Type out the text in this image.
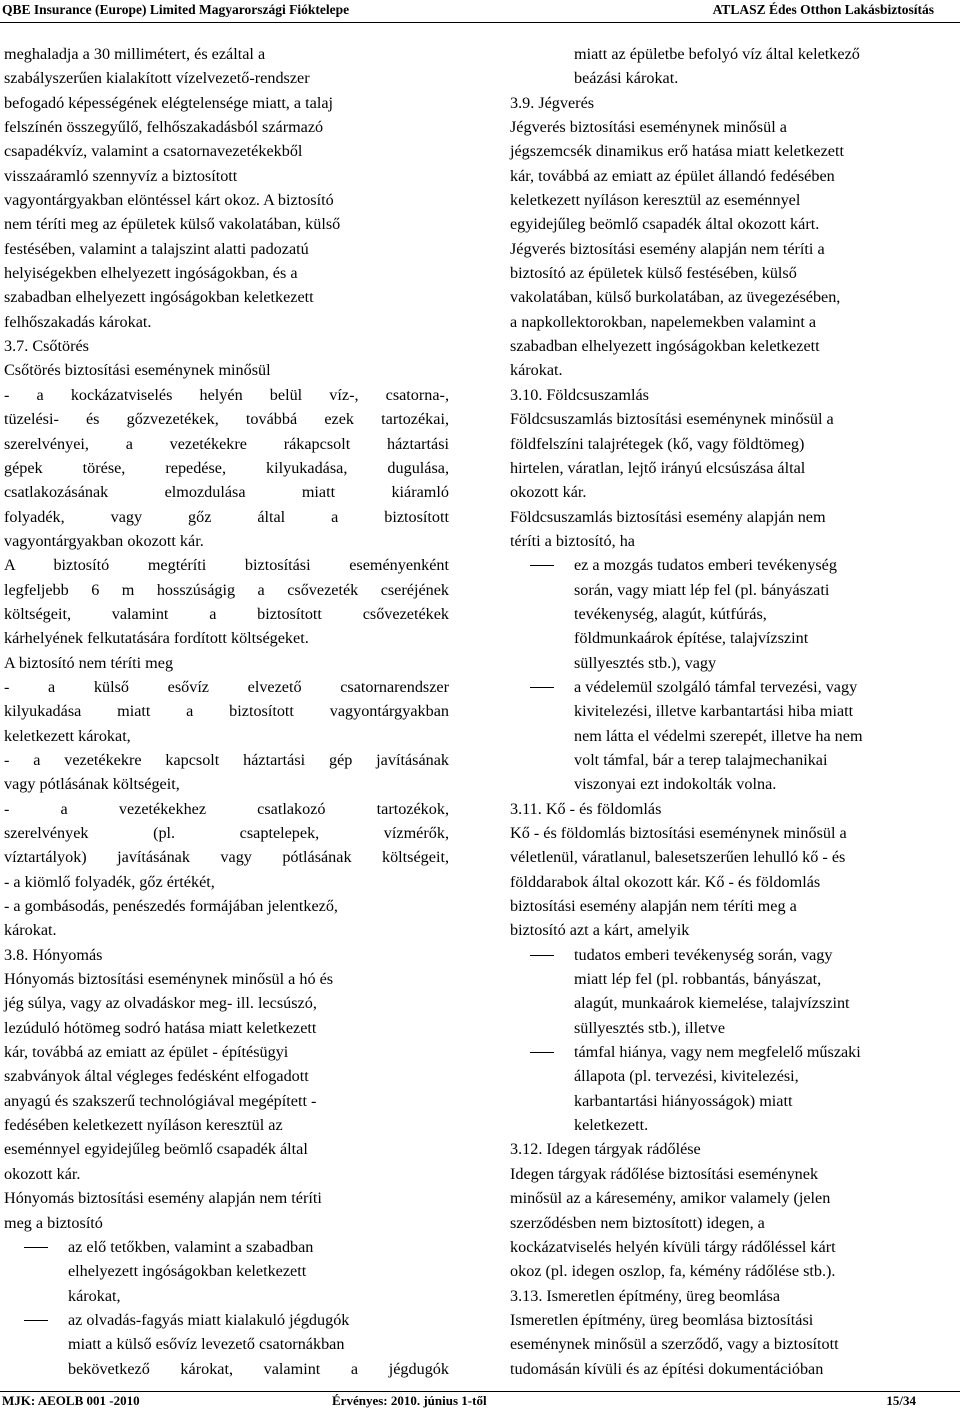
QBE Insurance (Europe) Limited Magyarországi Fióktelepe	ATLASZ Édes Otthon Lakásbiztosítás
meghaladja a 30 millimétert, és ezáltal a
szabályszerűen kialakított vízelvezető-rendszer
befogadó képességének elégtelensége miatt, a talaj
felszínén összegyűlő, felhőszakadásból származó
csapadékvíz, valamint a csatornavezetékekből
visszaáramló szennyvíz a biztosított
vagyontárgyakban elöntéssel kárt okoz. A biztosító
nem téríti meg az épületek külső vakolatában, külső
festésében, valamint a talajszint alatti padozatú
helyiségekben elhelyezett ingóságokban, és a
szabadban elhelyezett ingóságokban keletkezett
felhőszakadás károkat.
3.7. Csőtörés
Csőtörés biztosítási eseménynek minősül
- a kockázatviselés helyén belül víz-, csatorna-,
tüzelési- és gőzvezetékek, továbbá ezek tartozékai,
szerelvényei, a vezetékekre rákapcsolt háztartási
gépek törése, repedése, kilyukadása, dugulása,
csatlakozásának elmozdulása miatt kiáramló
folyadék, vagy gőz által a biztosított
vagyontárgyakban okozott kár.
A biztosító megtéríti biztosítási eseményenként
legfeljebb 6 m hosszúságig a csővezeték cseréjének
költségeit, valamint a biztosított csővezetékek
kárhelyének felkutatására fordított költségeket.
A biztosító nem téríti meg
- a külső esővíz elvezető csatornarendszer
kilyukadása miatt a biztosított vagyontárgyakban
keletkezett károkat,
- a vezetékekre kapcsolt háztartási gép javításának
vagy pótlásának költségeit,
- a vezetékekhez csatlakozó tartozékok,
szerelvények (pl. csaptelepek, vízmérők,
víztartályok) javításának vagy pótlásának költségeit,
- a kiömlő folyadék, gőz értékét,
- a gombásodás, penészedés formájában jelentkező,
károkat.
3.8. Hónyomás
Hónyomás biztosítási eseménynek minősül a hó és
jég súlya, vagy az olvadáskor meg- ill. lecsúszó,
lezúduló hótömeg sodró hatása miatt keletkezett
kár, továbbá az emiatt az épület - építésügyi
szabványok által végleges fedésként elfogadott
anyagú és szakszerű technológiával megépített -
fedésében keletkezett nyíláson keresztül az
eseménnyel egyidejűleg beömlő csapadék által
okozott kár.
Hónyomás biztosítási esemény alapján nem téríti
meg a biztosító
az elő tetőkben, valamint a szabadban
elhelyezett ingóságokban keletkezett
károkat,
az olvadás-fagyás miatt kialakuló jégdugók
miatt a külső esővíz levezető csatornákban
bekövetkező károkat, valamint a jégdugók
miatt az épületbe befolyó víz által keletkező
beázási károkat.
3.9. Jégverés
Jégverés biztosítási eseménynek minősül a
jégszemcsék dinamikus erő hatása miatt keletkezett
kár, továbbá az emiatt az épület állandó fedésében
keletkezett nyíláson keresztül az eseménnyel
egyidejűleg beömlő csapadék által okozott kárt.
Jégverés biztosítási esemény alapján nem téríti a
biztosító az épületek külső festésében, külső
vakolatában, külső burkolatában, az üvegezésében,
a napkollektorokban, napelemekben valamint a
szabadban elhelyezett ingóságokban keletkezett
károkat.
3.10. Földcsuszamlás
Földcsuszamlás biztosítási eseménynek minősül a
földfelszíni talajrétegek (kő, vagy földtömeg)
hirtelen, váratlan, lejtő irányú elcsúszása által
okozott kár.
Földcsuszamlás biztosítási esemény alapján nem
téríti a biztosító, ha
ez a mozgás tudatos emberi tevékenység
során, vagy miatt lép fel (pl. bányászati
tevékenység, alagút, kútfúrás,
földmunkaárok építése, talajvízszint
süllyesztés stb.), vagy
a védelemül szolgáló támfal tervezési, vagy
kivitelezési, illetve karbantartási hiba miatt
nem látta el védelmi szerepét, illetve ha nem
volt támfal, bár a terep talajmechanikai
viszonyai ezt indokolták volna.
3.11. Kő - és földomlás
Kő - és földomlás biztosítási eseménynek minősül a
véletlenül, váratlanul, balesetszerűen lehulló kő - és
földdarabok által okozott kár. Kő - és földomlás
biztosítási esemény alapján nem téríti meg a
biztosító azt a kárt, amelyik
tudatos emberi tevékenység során, vagy
miatt lép fel (pl. robbantás, bányászat,
alagút, munkaárok kiemelése, talajvízszint
süllyesztés stb.), illetve
támfal hiánya, vagy nem megfelelő műszaki
állapota (pl. tervezési, kivitelezési,
karbantartási hiányosságok) miatt
keletkezett.
3.12. Idegen tárgyak rádőlése
Idegen tárgyak rádőlése biztosítási eseménynek
minősül az a káresemény, amikor valamely (jelen
szerződésben nem biztosított) idegen, a
kockázatviselés helyén kívüli tárgy rádőléssel kárt
okoz (pl. idegen oszlop, fa, kémény rádőlése stb.).
3.13. Ismeretlen építmény, üreg beomlása
Ismeretlen építmény, üreg beomlása biztosítási
eseménynek minősül a szerződő, vagy a biztosított
tudomásán kívüli és az építési dokumentációban
MJK: AEOLB 001 -2010	Érvényes: 2010. június 1-től	15/34
